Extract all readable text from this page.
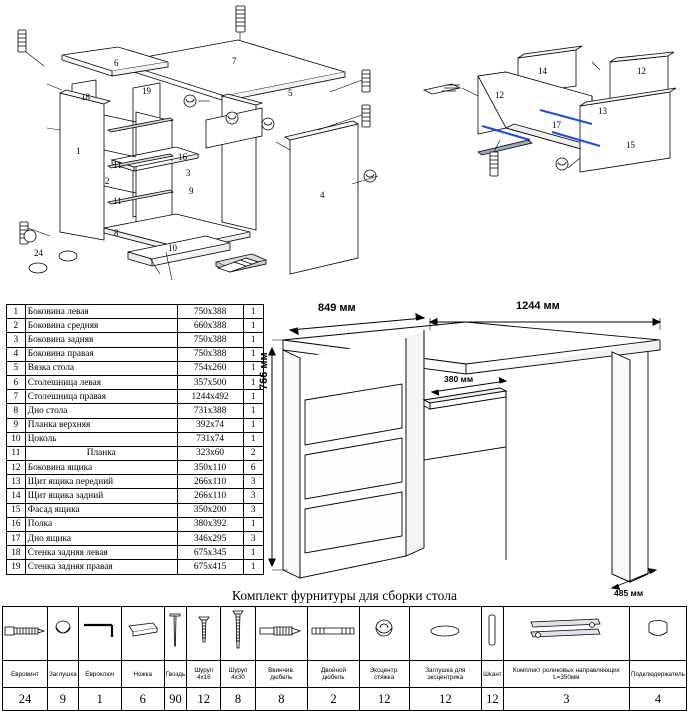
6	7
18
19
1
11
11
2
16
3
9
8
10
24
5
4
14	12
12
13
17
15
1	Боковина левая	750x388	1
2	Боковина средняя	660x388	1
3	Боковина задняя	750x388	1
4	Боковина правая	750x388	1
5	Вязка стола	754x260	1
6	Столешница левая	357x500	1
7	Столешница правая	1244x492	1
8	Дно стола	731x388	1
9	Планка верхняя	392x74	1
10	Цоколь	731x74	1
11	Планка	323x60	2
12	Боковина ящика	350x110	6
13	Щит ящика передний	266x110	3
14	Щит ящика задний	266x110	3
15	Фасад ящика	350x200	3
16	Полка	380x392	1
17	Дно ящика	346x295	3
18	Стенка задняя левая	675x345	1
19	Стенка задняя правая	675x415	1
1244 мм
849 мм
766 мм	380 мм
485 мм
Комплект фурнитуры для сборки стола

Евровинт	Заглушка	Евроключ	Ножка	Гвоздь	Шуруп 4х16	Шуруп 4х30	Ввинчив. дюбель	Двойной дюбель	Эксцентр. стяжка	Заглушка для эксцентрика	Шкант	Комплект роликовых направляющих L=350мм	Подклюдержатель
24	9	1	6	90	12	8	8	2	12	12	12	3	4
